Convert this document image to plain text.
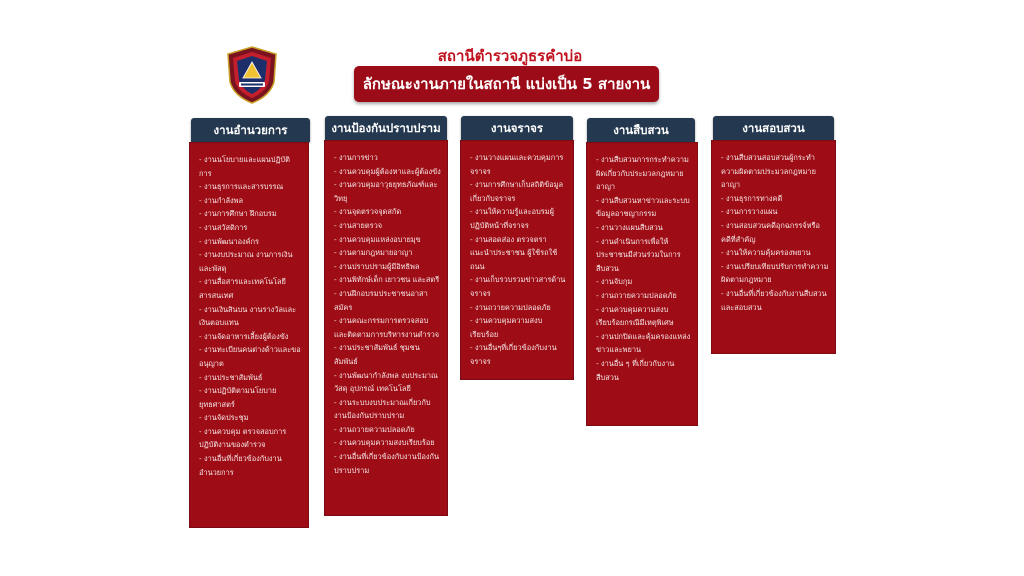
สถานีตำรวจภูธรคำบ่อ
ลักษณะงานภายในสถานี แบ่งเป็น 5 สายงาน
งานอำนวยการ
- งานนโยบายและแผนปฏิบัติการ
- งานธุรการและสารบรรณ
- งานกำลังพล
- งานการศึกษา ฝึกอบรม
- งานสวัสดิการ
- งานพัฒนาองค์กร
- งานงบประมาณ งานการเงินและพัสดุ
- งานสื่อสารและเทคโนโลยีสารสนเทศ
- งานเงินสินบน งานรางวัลและเงินตอบแทน
- งานจัดอาหารเลี้ยงผู้ต้องขัง
- งานทะเบียนคนต่างด้าวและขออนุญาต
- งานประชาสัมพันธ์
- งานปฏิบัติตามนโยบายยุทธศาสตร์
- งานจัดประชุม
- งานควบคุม ตรวจสอบการปฏิบัติงานของตำรวจ
- งานอื่นที่เกี่ยวข้องกับงานอำนวยการ
งานป้องกันปราบปราม
- งานการข่าว
- งานควบคุมผู้ต้องหาและผู้ต้องขัง
- งานควบคุมอาวุธยุทธภัณฑ์และวิทยุ
- งานจุดตรวจจุดสกัด
- งานสายตรวจ
- งานควบคุมแหล่งอบายมุข
- งานตามกฎหมายอาญา
- งานปราบปรามผู้มีอิทธิพล
- งานพิทักษ์เด็ก เยาวชน และสตรี
- งานฝึกอบรมประชาชนอาสาสมัคร
- งานคณะกรรมการตรวจสอบและติดตามการบริหารงานตำรวจ
- งานประชาสัมพันธ์ ชุมชนสัมพันธ์
- งานพัฒนากำลังพล งบประมาณ วัสดุ อุปกรณ์ เทคโนโลยี
- งานระบบงบประมาณเกี่ยวกับงานป้องกันปราบปราม
- งานถวายความปลอดภัย
- งานควบคุมความสงบเรียบร้อย
- งานอื่นที่เกี่ยวข้องกับงานป้องกันปราบปราม
งานจราจร
- งานวางแผนและควบคุมการจราจร
- งานการศึกษาเก็บสถิติข้อมูลเกี่ยวกับจราจร
- งานให้ความรู้และอบรมผู้ปฏิบัติหน้าที่จราจร
- งานสอดส่อง ตรวจตรา แนะนำประชาชน ผู้ใช้รถใช้ถนน
- งานเก็บรวบรวมข่าวสารด้านจราจร
- งานถวายความปลอดภัย
- งานควบคุมความสงบเรียบร้อย
- งานอื่นๆที่เกี่ยวข้องกับงานจราจร
งานสืบสวน
- งานสืบสวนการกระทำความผิดเกี่ยวกับประมวลกฎหมายอาญา
- งานสืบสวนหาข่าวและระบบข้อมูลอาชญากรรม
- งานวางแผนสืบสวน
- งานดำเนินการเพื่อให้ประชาชนมีส่วนร่วมในการสืบสวน
- งานจับกุม
- งานถวายความปลอดภัย
- งานควบคุมความสงบเรียบร้อยกรณีมีเหตุพิเศษ
- งานปกปิดและคุ้มครองแหล่งข่าวและพยาน
- งานอื่น ๆ ที่เกี่ยวกับงานสืบสวน
งานสอบสวน
- งานสืบสวนสอบสวนผู้กระทำความผิดตามประมวลกฎหมายอาญา
- งานธุรการทางคดี
- งานการวางแผน
- งานสอบสวนคดีอุกฉกรรจ์หรือคดีที่สำคัญ
- งานให้ความคุ้มครองพยาน
- งานเปรียบเทียบปรับการทำความผิดตามกฎหมาย
- งานอื่นที่เกี่ยวข้องกับงานสืบสวนและสอบสวน
